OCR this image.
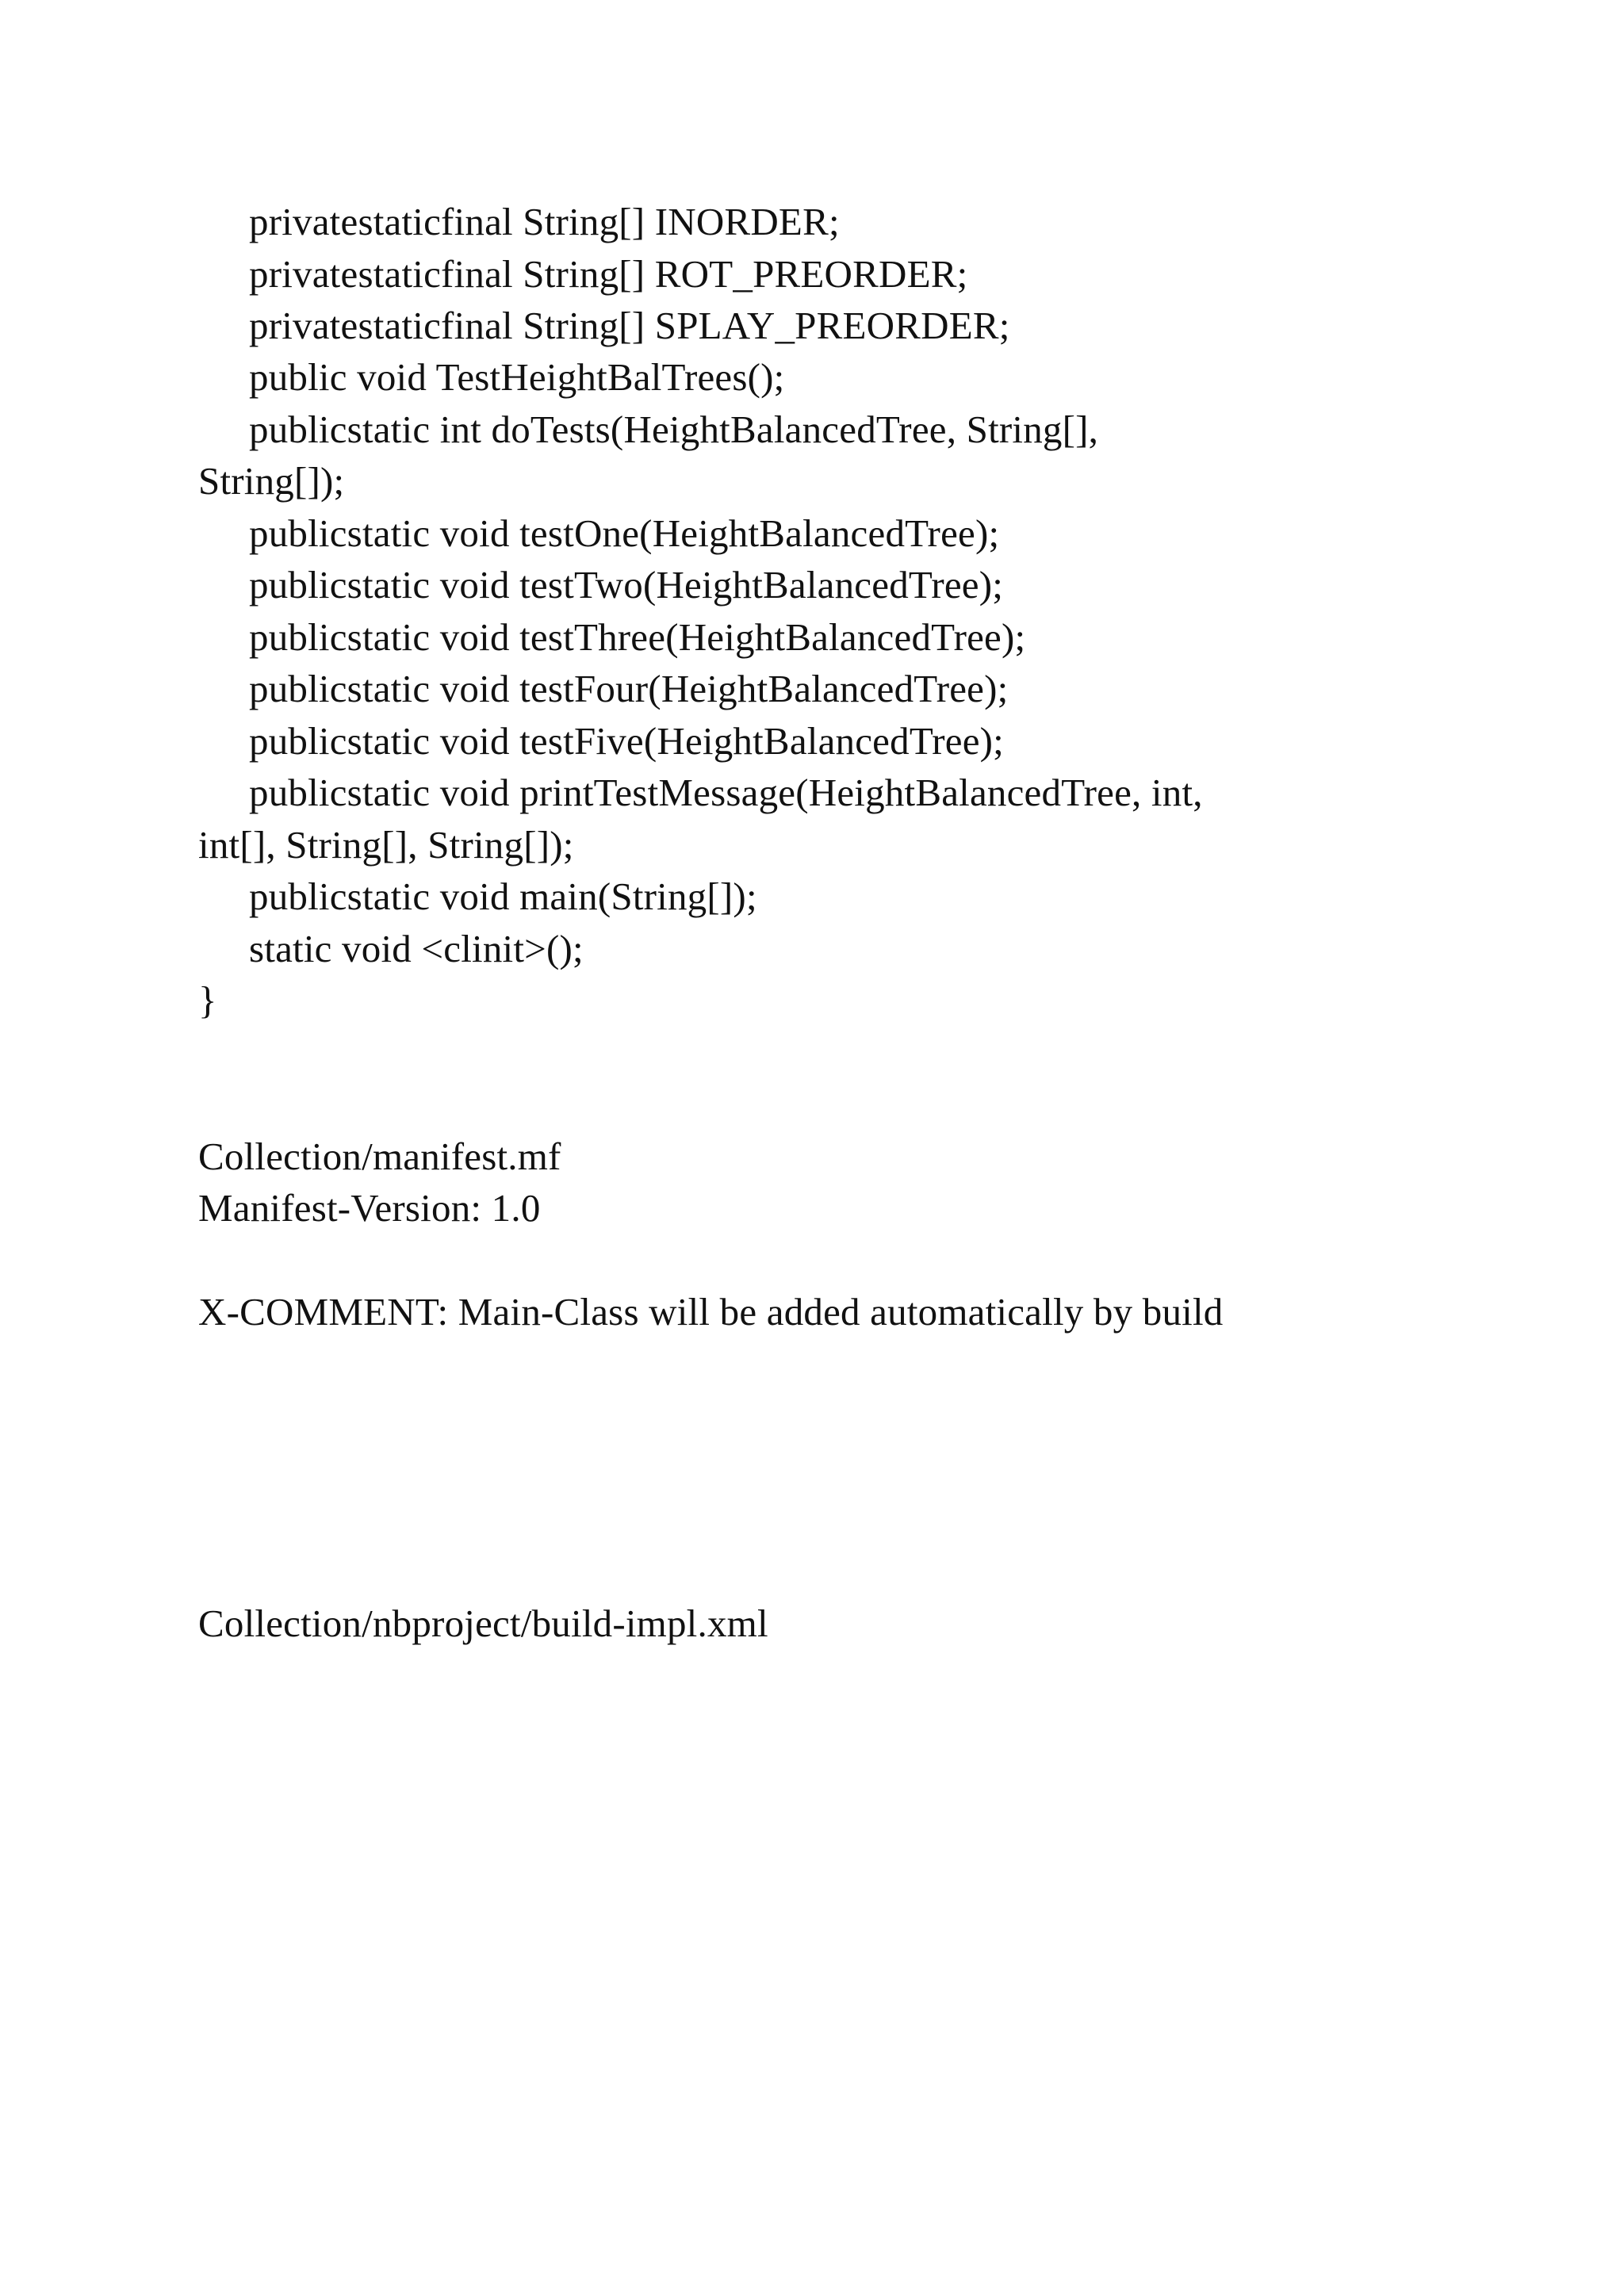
privatestaticfinal String[] INORDER;
privatestaticfinal String[] ROT_PREORDER;
privatestaticfinal String[] SPLAY_PREORDER;
public void TestHeightBalTrees();
publicstatic int doTests(HeightBalancedTree, String[],
String[]);
publicstatic void testOne(HeightBalancedTree);
publicstatic void testTwo(HeightBalancedTree);
publicstatic void testThree(HeightBalancedTree);
publicstatic void testFour(HeightBalancedTree);
publicstatic void testFive(HeightBalancedTree);
publicstatic void printTestMessage(HeightBalancedTree, int,
int[], String[], String[]);
publicstatic void main(String[]);
static void <clinit>();
}
Collection/manifest.mf
Manifest-Version: 1.0
X-COMMENT: Main-Class will be added automatically by build
Collection/nbproject/build-impl.xml
